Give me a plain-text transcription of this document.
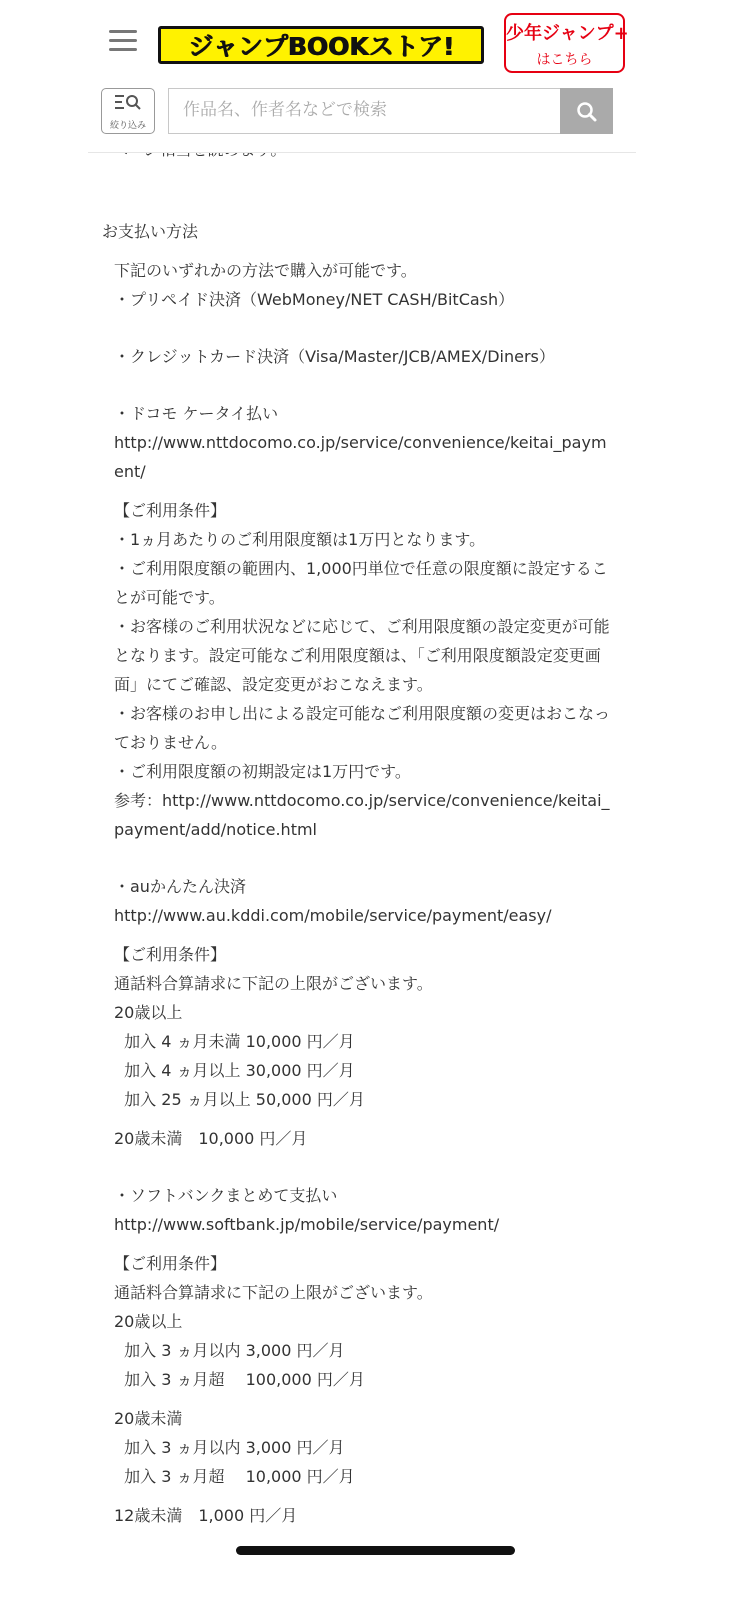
ジャンプBOOKストア!	少年ジャンプ+
はこちら
絞り込み
作品名、作者名などで検索
お支払い方法

下記のいずれかの方法で購入が可能です。

・プリペイド決済（WebMoney/NET CASH/BitCash）

・クレジットカード決済（Visa/Master/JCB/AMEX/Diners）

・ドコモ ケータイ払い

http://www.nttdocomo.co.jp/service/convenience/keitai_payment/

【ご利用条件】

・1ヵ月あたりのご利用限度額は1万円となります。

・ご利用限度額の範囲内、1,000円単位で任意の限度額に設定することが可能です。

・お客様のご利用状況などに応じて、ご利用限度額の設定変更が可能となります。設定可能なご利用限度額は、「ご利用限度額設定変更画面」にてご確認、設定変更がおこなえます。

・お客様のお申し出による設定可能なご利用限度額の変更はおこなっておりません。

・ご利用限度額の初期設定は1万円です。

参考：http://www.nttdocomo.co.jp/service/convenience/keitai_payment/add/notice.html

・auかんたん決済

http://www.au.kddi.com/mobile/service/payment/easy/

【ご利用条件】

通話料合算請求に下記の上限がございます。

20歳以上

加入 4 ヵ月未満 10,000 円／月

加入 4 ヵ月以上 30,000 円／月

加入 25 ヵ月以上 50,000 円／月

20歳未満　10,000 円／月

・ソフトバンクまとめて支払い

http://www.softbank.jp/mobile/service/payment/

【ご利用条件】

通話料合算請求に下記の上限がございます。

20歳以上

加入 3 ヵ月以内 3,000 円／月

加入 3 ヵ月超　 100,000 円／月

20歳未満

加入 3 ヵ月以内 3,000 円／月

加入 3 ヵ月超　 10,000 円／月

12歳未満　1,000 円／月
